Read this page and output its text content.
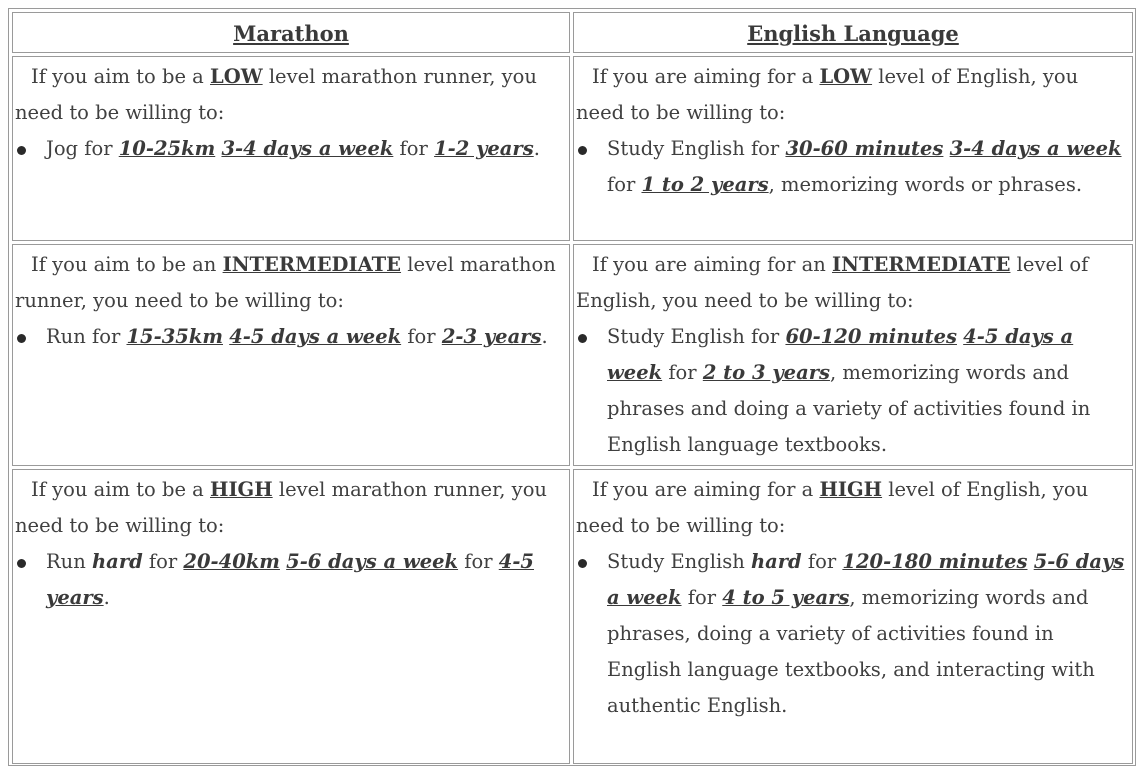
Marathon	English Language

If you aim to be a LOW level marathon runner, you need to be willing to:

Jog for 10-25km 3-4 days a week for 1-2 years.

If you are aiming for a LOW level of English, you need to be willing to:

Study English for 30-60 minutes 3-4 days a week for 1 to 2 years, memorizing words or phrases.

If you aim to be an INTERMEDIATE level marathon runner, you need to be willing to:

Run for 15-35km 4-5 days a week for 2-3 years.

If you are aiming for an INTERMEDIATE level of English, you need to be willing to:

Study English for 60-120 minutes 4-5 days a week for 2 to 3 years, memorizing words and phrases and doing a variety of activities found in English language textbooks.

If you aim to be a HIGH level marathon runner, you need to be willing to:

Run hard for 20-40km 5-6 days a week for 4-5 years.

If you are aiming for a HIGH level of English, you need to be willing to:

Study English hard for 120-180 minutes 5-6 days a week for 4 to 5 years, memorizing words and phrases, doing a variety of activities found in English language textbooks, and interacting with authentic English.
